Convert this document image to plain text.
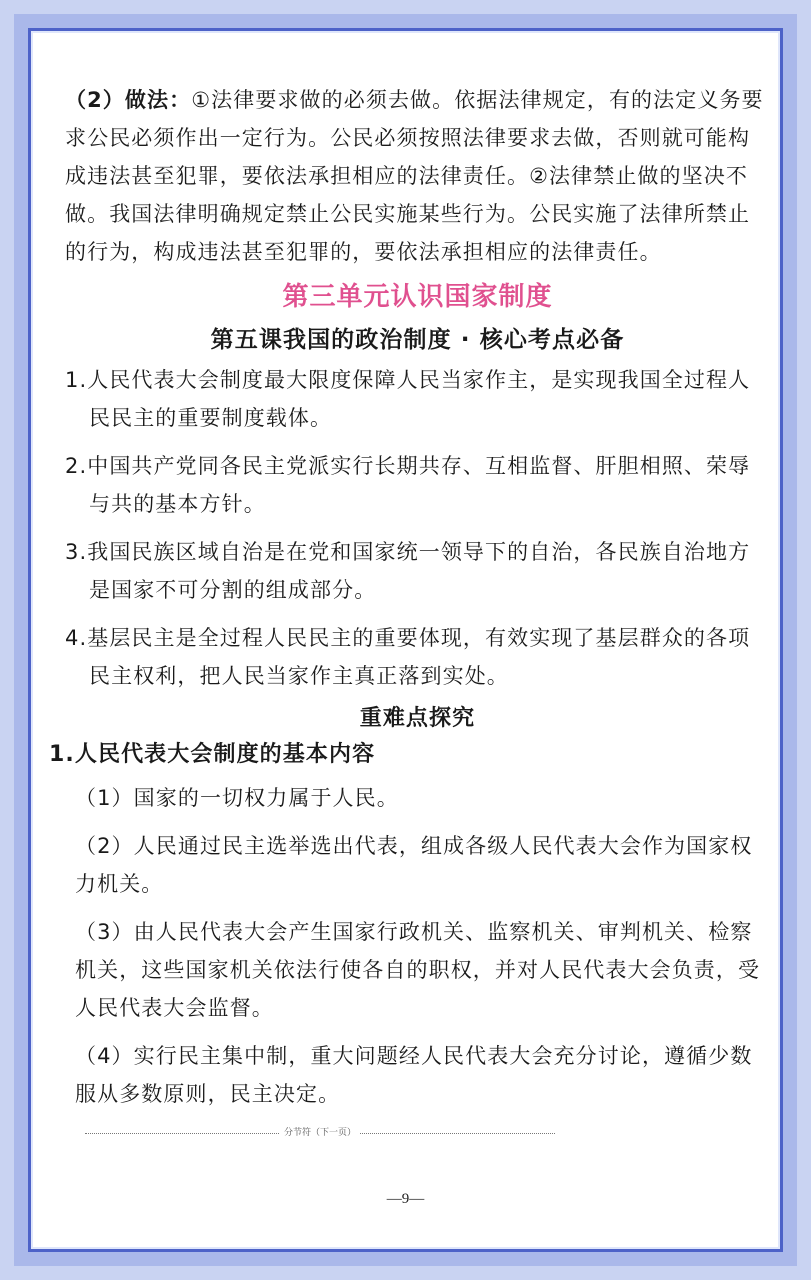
（2）做法：①法律要求做的必须去做。依据法律规定，有的法定义务要求公民必须作出一定行为。公民必须按照法律要求去做，否则就可能构成违法甚至犯罪，要依法承担相应的法律责任。②法律禁止做的坚决不做。我国法律明确规定禁止公民实施某些行为。公民实施了法律所禁止的行为，构成违法甚至犯罪的，要依法承担相应的法律责任。

第三单元认识国家制度
第五课我国的政治制度 · 核心考点必备
1.人民代表大会制度最大限度保障人民当家作主，是实现我国全过程人民民主的重要制度载体。
2.中国共产党同各民主党派实行长期共存、互相监督、肝胆相照、荣辱与共的基本方针。
3.我国民族区域自治是在党和国家统一领导下的自治，各民族自治地方是国家不可分割的组成部分。
4.基层民主是全过程人民民主的重要体现，有效实现了基层群众的各项民主权利，把人民当家作主真正落到实处。
重难点探究
1.人民代表大会制度的基本内容
（1）国家的一切权力属于人民。
（2）人民通过民主选举选出代表，组成各级人民代表大会作为国家权力机关。
（3）由人民代表大会产生国家行政机关、监察机关、审判机关、检察机关，这些国家机关依法行使各自的职权，并对人民代表大会负责，受人民代表大会监督。
（4）实行民主集中制，重大问题经人民代表大会充分讨论，遵循少数服从多数原则，民主决定。
分节符（下一页）
—9—
